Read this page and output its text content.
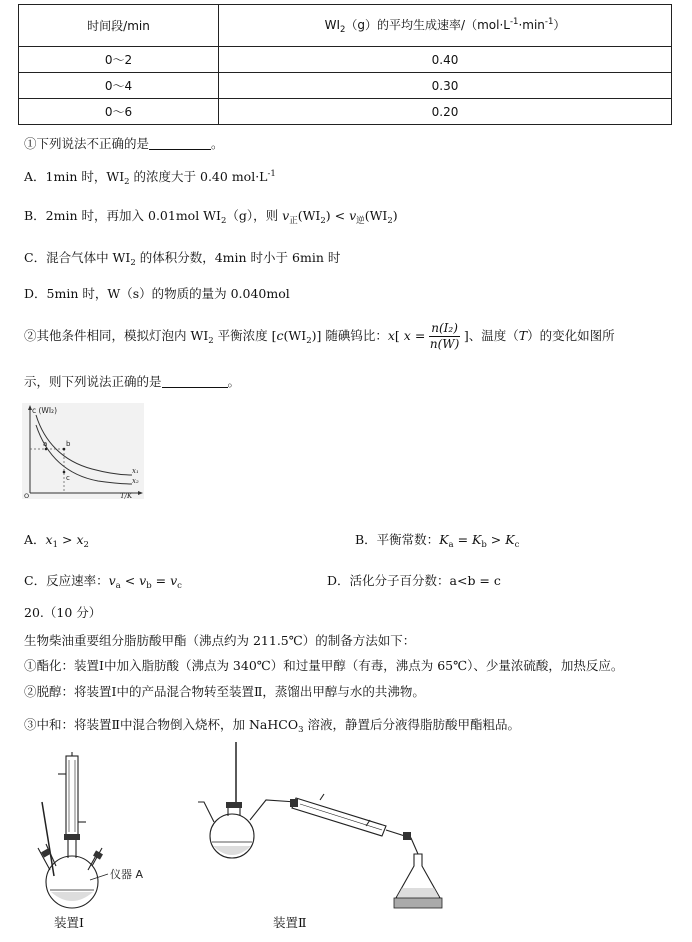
时间段/min	$WI_2(g)$的平均生成速率$/(mol\cdot L^{-1}\cdot\min^{-1})$
0～2	0.40
0～4	0.30
0～6	0.20
①下列说法不正确的是	。
A．1min 时，$WI_2$ 的浓度大于 0.40 $mol\cdot L^{-1}$
B．2min 时，再加入 0.01mol $WI_2(g)$，则 $v_正(WI_2) < v_逆(WI_2)$
C．混合气体中 $WI_2$ 的体积分数，4min 时小于 6min 时
D．5min 时，W（s）的物质的量为 0.040mol
②其他条件相同，模拟灯泡内 $WI_2$ 平衡浓度 $[c(WI_2)]$ 随碘钨比：x[ $x = \frac{\text{n(I₂)}}{n(W)}$ ]、温度（T）的变化如图所
示，则下列说法正确的是	。
c (WI₂)
T/K
x₁
x₂
a	b
c
O
A．$x_1 > x_2$	B．平衡常数：$K_a = K_b > K_c$
C．反应速率：$v_a < v_b = v_c$	D．活化分子百分数：a<b = c
20.（10 分）
生物柴油重要组分脂肪酸甲酯（沸点约为 211.5℃）的制备方法如下：
①酯化：装置Ⅰ中加入脂肪酸（沸点为 340℃）和过量甲醇（有毒，沸点为 65℃）、少量浓硫酸，加热反应。
②脱醇：将装置Ⅰ中的产品混合物转至装置Ⅱ，蒸馏出甲醇与水的共沸物。
③中和：将装置Ⅱ中混合物倒入烧杯，加 NaHCO$_3$ 溶液，静置后分液得脂肪酸甲酯粗品。
仪器 A
装置Ⅰ	装置Ⅱ
